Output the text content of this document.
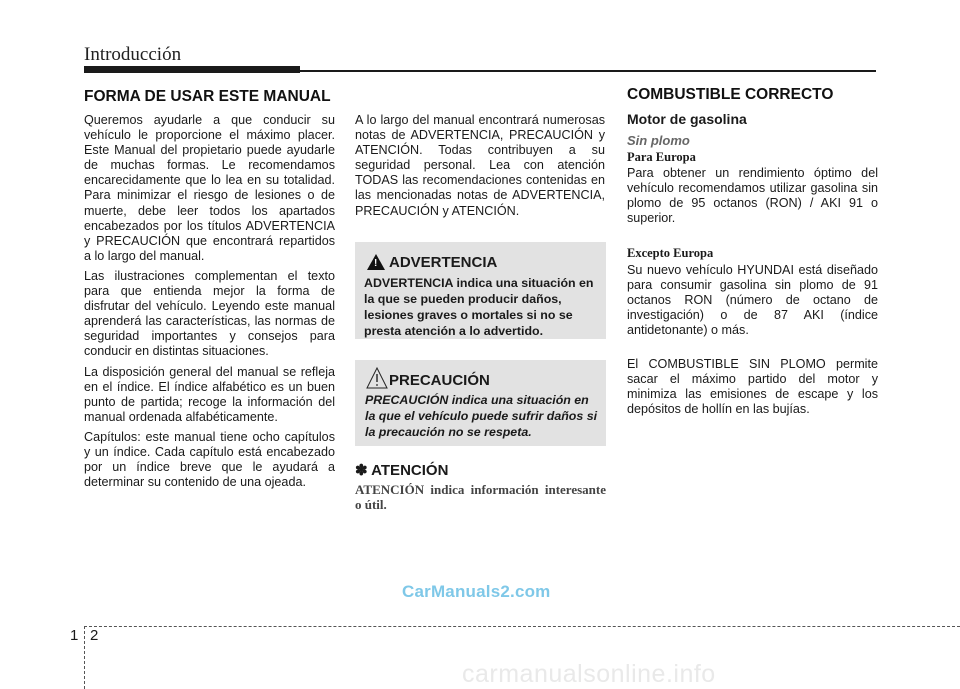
Introducción
FORMA DE USAR ESTE MANUAL

Queremos ayudarle a que conducir su vehículo le proporcione el máximo placer. Este Manual del propietario puede ayudarle de muchas formas. Le recomendamos encarecidamente que lo lea en su totalidad. Para minimizar el riesgo de lesiones o de muerte, debe leer todos los apartados encabezados por los títulos ADVERTENCIA y PRECAUCIÓN que encontrará repartidos a lo largo del manual.

Las ilustraciones complementan el texto para que entienda mejor la forma de disfrutar del vehículo. Leyendo este manual aprenderá las características, las normas de seguridad importantes y consejos para conducir en distintas situaciones.

La disposición general del manual se refleja en el índice. El índice alfabético es un buen punto de partida; recoge la información del manual ordenada alfabéticamente.

Capítulos: este manual tiene ocho capítulos y un índice. Cada capítulo está encabezado por un índice breve que le ayudará a determinar su contenido de una ojeada.

A lo largo del manual encontrará numerosas notas de ADVERTENCIA, PRECAUCIÓN y ATENCIÓN. Todas contribuyen a su seguridad personal. Lea con atención TODAS las recomendaciones contenidas en las mencionadas notas de ADVERTENCIA, PRECAUCIÓN y ATENCIÓN.

! ADVERTENCIA
ADVERTENCIA indica una situación en la que se pueden producir daños, lesiones graves o mortales si no se presta atención a lo advertido.
PRECAUCIÓN
PRECAUCIÓN indica una situación en la que el vehículo puede sufrir daños si la precaución no se respeta.
✽ ATENCIÓN
ATENCIÓN indica información interesante o útil.
COMBUSTIBLE CORRECTO
Motor de gasolina
Sin plomo
Para Europa

Para obtener un rendimiento óptimo del vehículo recomendamos utilizar gasolina sin plomo de 95 octanos (RON) / AKI 91 o superior.

Excepto Europa

Su nuevo vehículo HYUNDAI está diseñado para consumir gasolina sin plomo de 91 octanos RON (número de octano de investigación) o de 87 AKI (índice antidetonante) o más.

El COMBUSTIBLE SIN PLOMO permite sacar el máximo partido del motor y minimiza las emisiones de escape y los depósitos de hollín en las bujías.

CarManuals2.com
1 2
carmanualsonline.info
